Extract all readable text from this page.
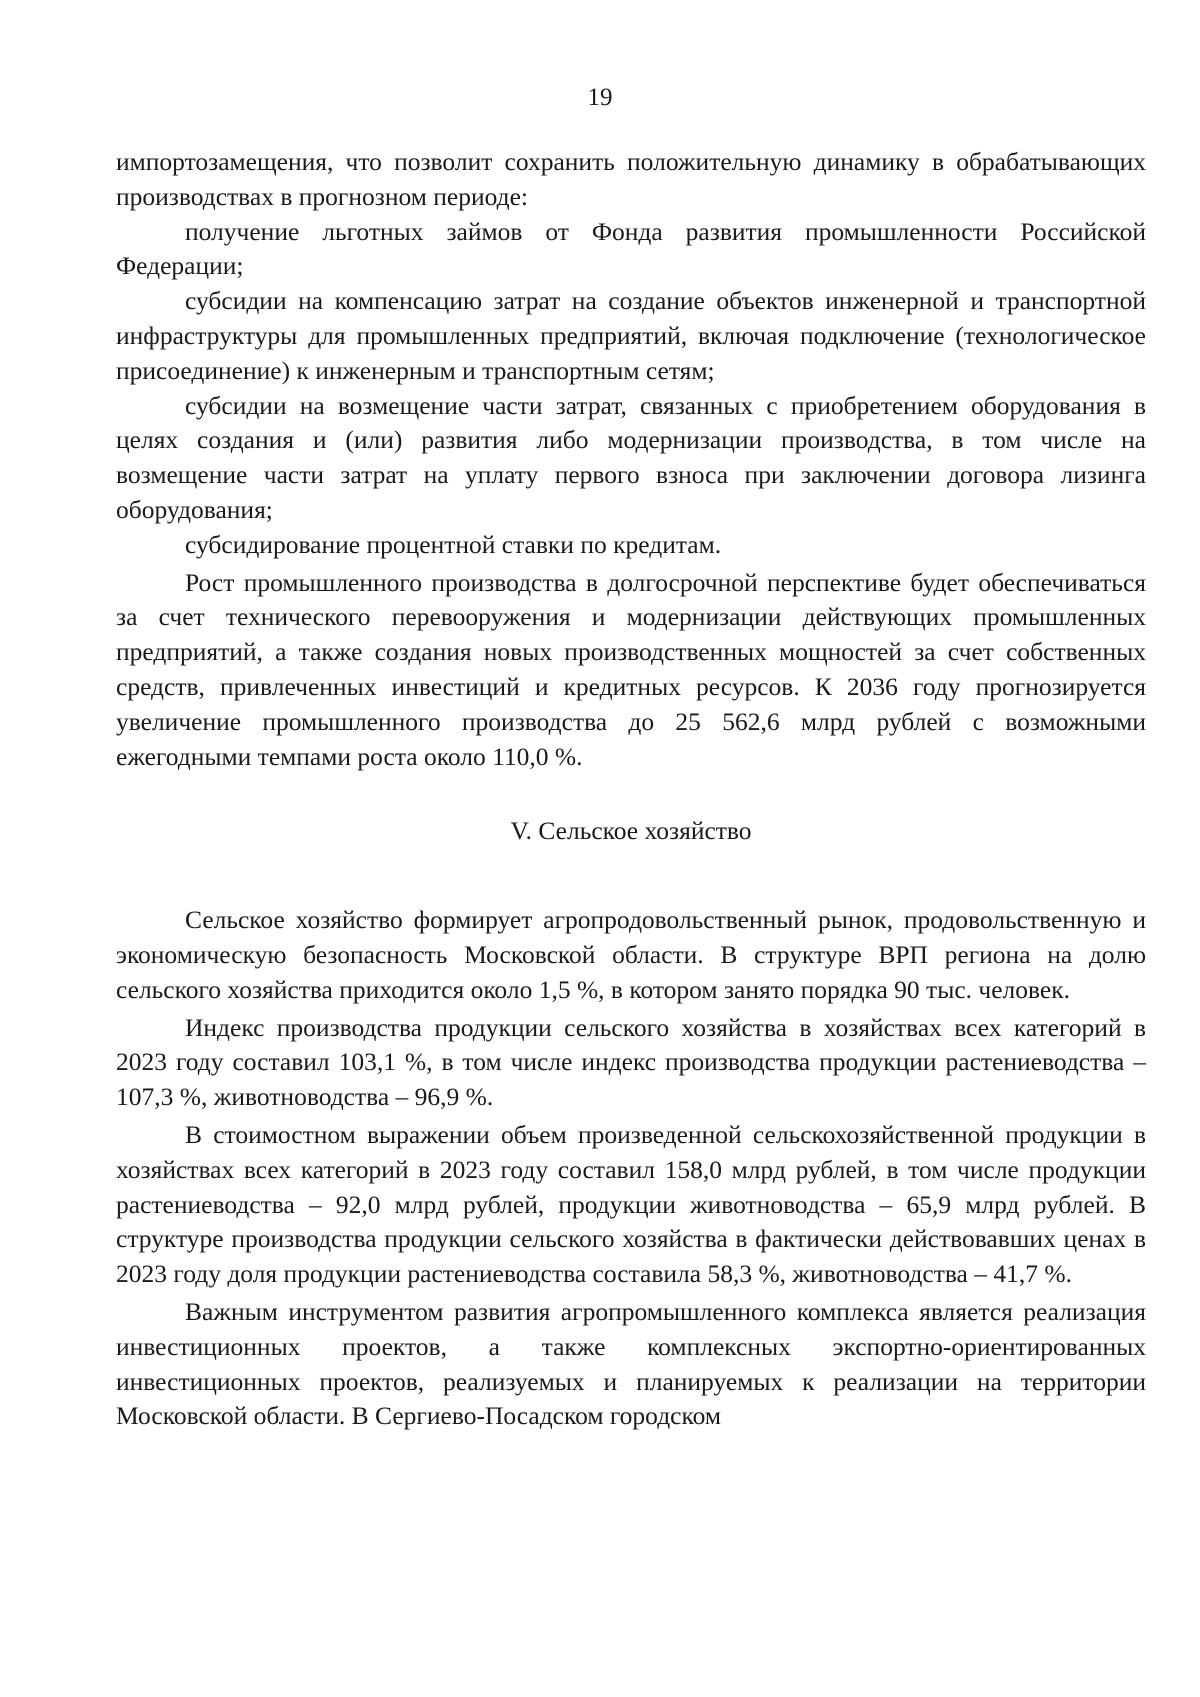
19

импортозамещения, что позволит сохранить положительную динамику в обрабатывающих производствах в прогнозном периоде:

получение льготных займов от Фонда развития промышленности Российской Федерации;

субсидии на компенсацию затрат на создание объектов инженерной и транспортной инфраструктуры для промышленных предприятий, включая подключение (технологическое присоединение) к инженерным и транспортным сетям;

субсидии на возмещение части затрат, связанных с приобретением оборудования в целях создания и (или) развития либо модернизации производства, в том числе на возмещение части затрат на уплату первого взноса при заключении договора лизинга оборудования;

субсидирование процентной ставки по кредитам.

Рост промышленного производства в долгосрочной перспективе будет обеспечиваться за счет технического перевооружения и модернизации действующих промышленных предприятий, а также создания новых производственных мощностей за счет собственных средств, привлеченных инвестиций и кредитных ресурсов. К 2036 году прогнозируется увеличение промышленного производства до 25 562,6 млрд рублей с возможными ежегодными темпами роста около 110,0 %.

V. Сельское хозяйство

Сельское хозяйство формирует агропродовольственный рынок, продовольственную и экономическую безопасность Московской области. В структуре ВРП региона на долю сельского хозяйства приходится около 1,5 %, в котором занято порядка 90 тыс. человек.

Индекс производства продукции сельского хозяйства в хозяйствах всех категорий в 2023 году составил 103,1 %, в том числе индекс производства продукции растениеводства – 107,3 %, животноводства – 96,9 %.

В стоимостном выражении объем произведенной сельскохозяйственной продукции в хозяйствах всех категорий в 2023 году составил 158,0 млрд рублей, в том числе продукции растениеводства – 92,0 млрд рублей, продукции животноводства – 65,9 млрд рублей. В структуре производства продукции сельского хозяйства в фактически действовавших ценах в 2023 году доля продукции растениеводства составила 58,3 %, животноводства – 41,7 %.

Важным инструментом развития агропромышленного комплекса является реализация инвестиционных проектов, а также комплексных экспортно-ориентированных инвестиционных проектов, реализуемых и планируемых к реализации на территории Московской области. В Сергиево-Посадском городском
